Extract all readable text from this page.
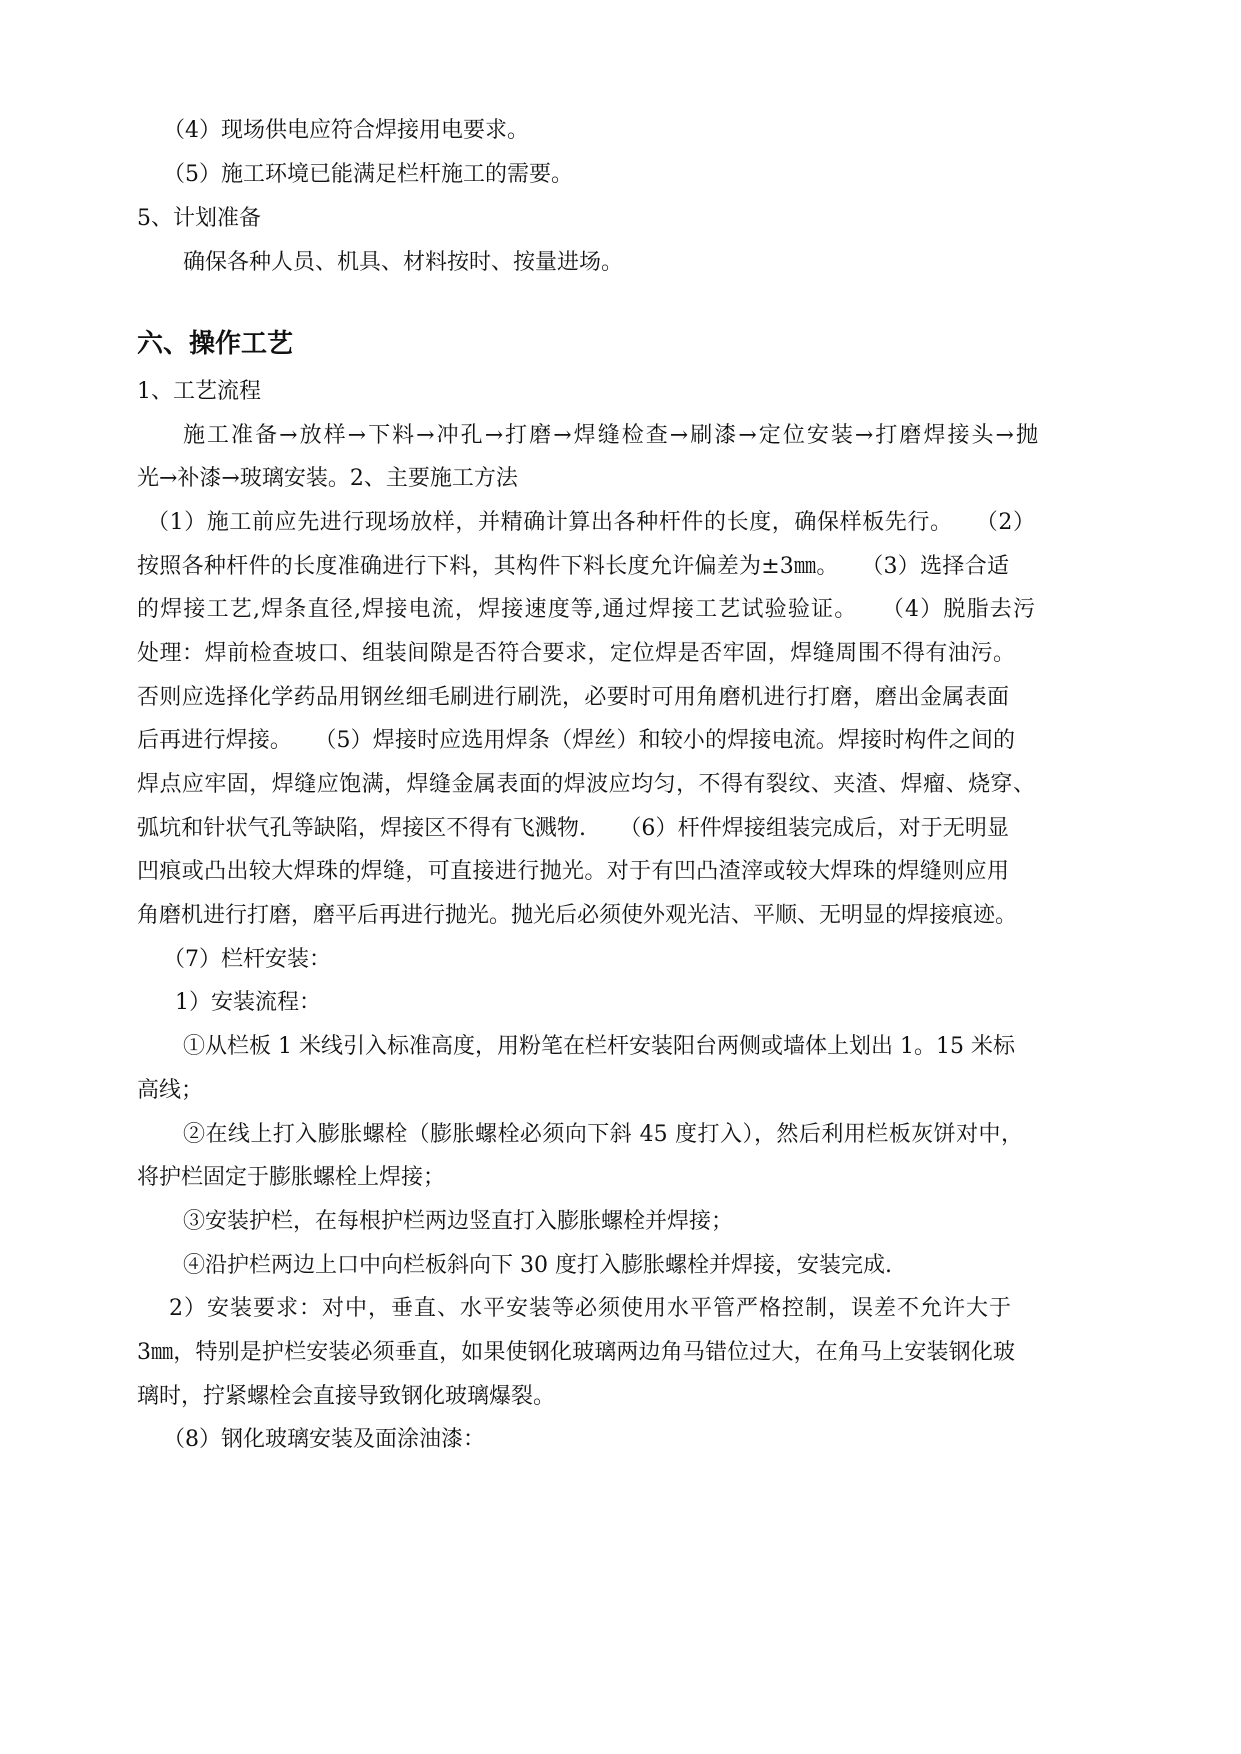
（4）现场供电应符合焊接用电要求。
（5）施工环境已能满足栏杆施工的需要。
5、计划准备
确保各种人员、机具、材料按时、按量进场。
六、操作工艺
1、工艺流程
施工准备→放样→下料→冲孔→打磨→焊缝检查→刷漆→定位安装→打磨焊接头→抛
光→补漆→玻璃安装。2、主要施工方法
（1）施工前应先进行现场放样，并精确计算出各种杆件的长度，确保样板先行。　　（2）
按照各种杆件的长度准确进行下料，其构件下料长度允许偏差为±3㎜。　　（3）选择合适
的焊接工艺,焊条直径,焊接电流，焊接速度等,通过焊接工艺试验验证。　　（4）脱脂去污
处理：焊前检查坡口、组装间隙是否符合要求，定位焊是否牢固，焊缝周围不得有油污。
否则应选择化学药品用钢丝细毛刷进行刷洗，必要时可用角磨机进行打磨，磨出金属表面
后再进行焊接。　　（5）焊接时应选用焊条（焊丝）和较小的焊接电流。焊接时构件之间的
焊点应牢固，焊缝应饱满，焊缝金属表面的焊波应均匀，不得有裂纹、夹渣、焊瘤、烧穿、
弧坑和针状气孔等缺陷，焊接区不得有飞溅物.　　（6）杆件焊接组装完成后，对于无明显
凹痕或凸出较大焊珠的焊缝，可直接进行抛光。对于有凹凸渣滓或较大焊珠的焊缝则应用
角磨机进行打磨，磨平后再进行抛光。抛光后必须使外观光洁、平顺、无明显的焊接痕迹。
（7）栏杆安装：
1）安装流程：
①从栏板 1 米线引入标准高度，用粉笔在栏杆安装阳台两侧或墙体上划出 1。15 米标
高线；
②在线上打入膨胀螺栓（膨胀螺栓必须向下斜 45 度打入），然后利用栏板灰饼对中，
将护栏固定于膨胀螺栓上焊接；
③安装护栏，在每根护栏两边竖直打入膨胀螺栓并焊接；
④沿护栏两边上口中向栏板斜向下 30 度打入膨胀螺栓并焊接，安装完成.
2）安装要求：对中，垂直、水平安装等必须使用水平管严格控制，误差不允许大于
3㎜，特别是护栏安装必须垂直，如果使钢化玻璃两边角马错位过大，在角马上安装钢化玻
璃时，拧紧螺栓会直接导致钢化玻璃爆裂。
（8）钢化玻璃安装及面涂油漆：
